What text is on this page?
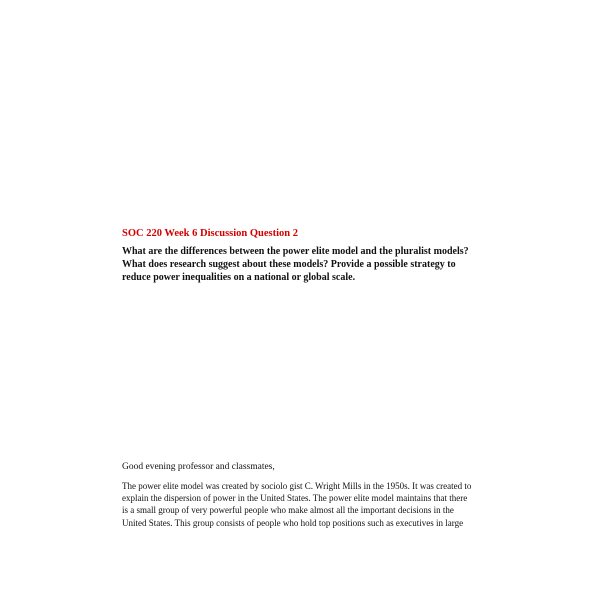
SOC 220 Week 6 Discussion Question 2
What are the differences between the power elite model and the pluralist models?
What does research suggest about these models? Provide a possible strategy to
reduce power inequalities on a national or global scale.
Good evening professor and classmates,
The power elite model was created by sociolo gist C. Wright Mills in the 1950s. It was created to
explain the dispersion of power in the United States. The power elite model maintains that there
is a small group of very powerful people who make almost all the important decisions in the
United States. This group consists of people who hold top positions such as executives in large
